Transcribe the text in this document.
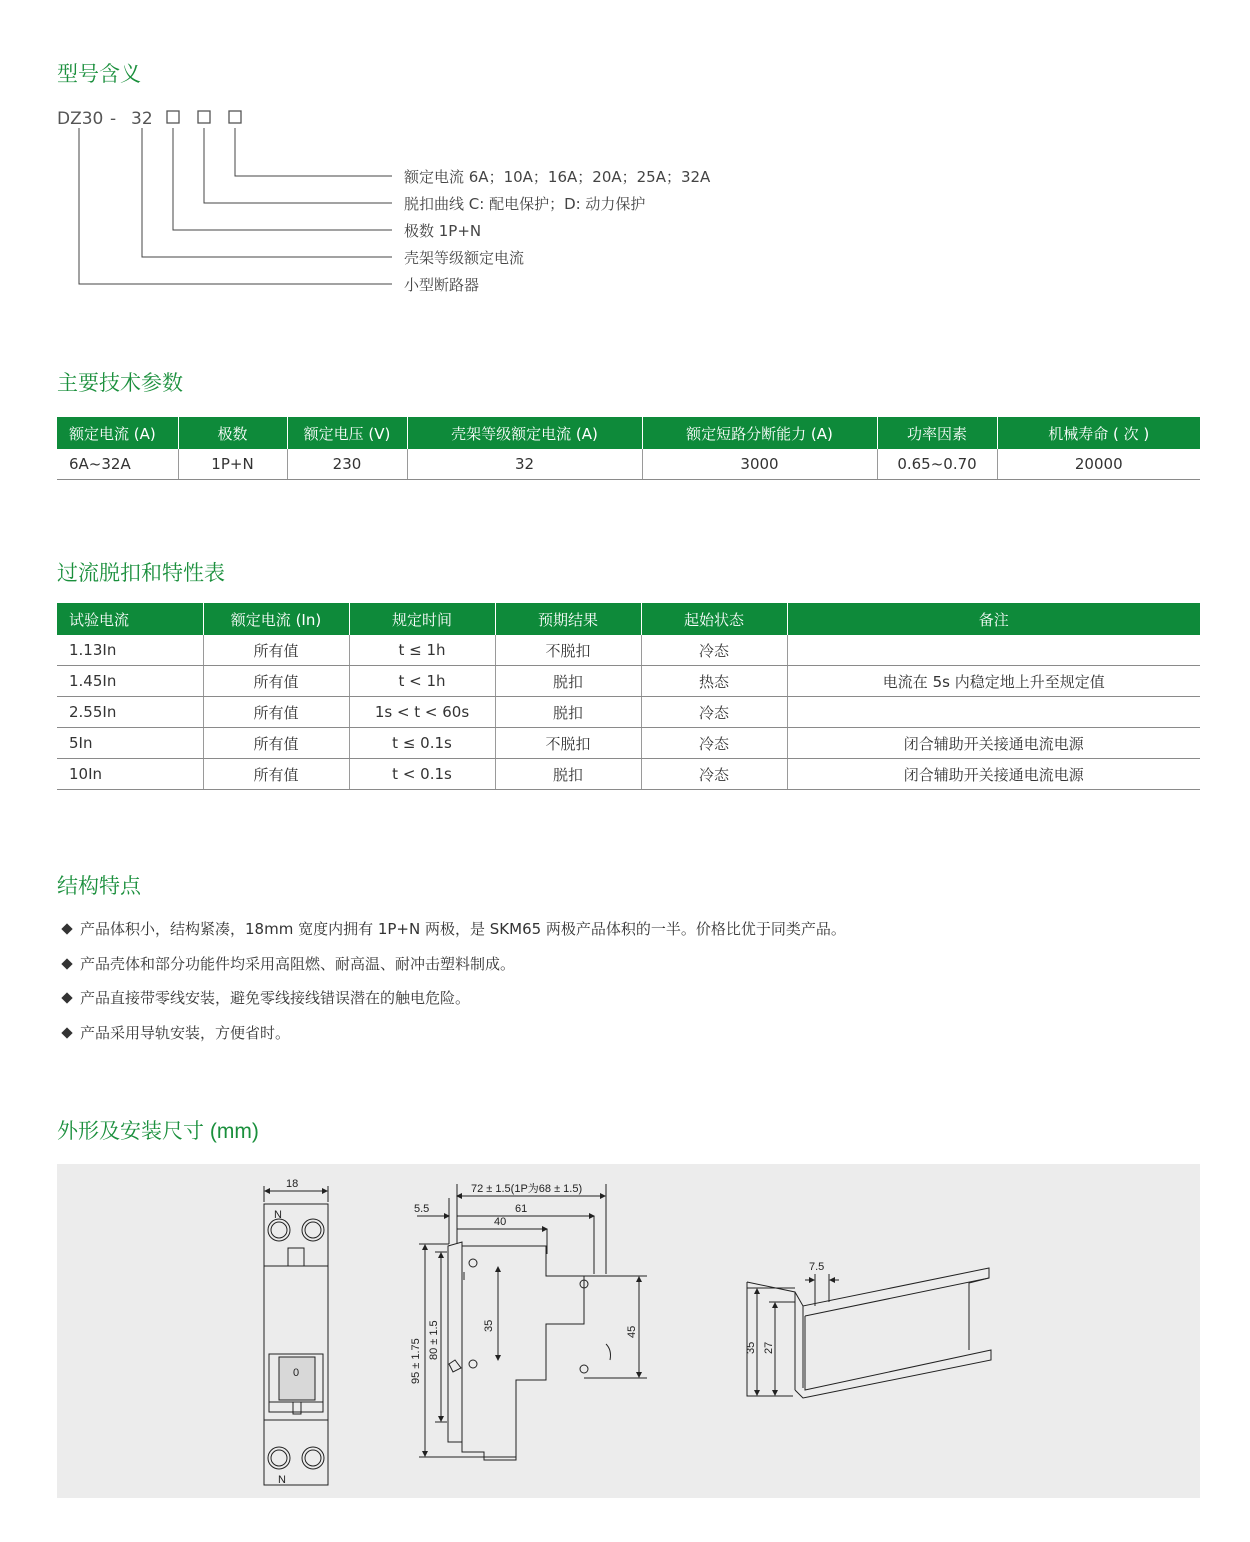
型号含义
DZ30 - 32
额定电流 6A；10A；16A；20A；25A；32A
脱扣曲线 C: 配电保护；D: 动力保护
极数 1P+N
壳架等级额定电流
小型断路器
主要技术参数
额定电流 (A)	极数	额定电压 (V)	壳架等级额定电流 (A)	额定短路分断能力 (A)	功率因素	机械寿命 ( 次 )
6A~32A	1P+N	230	32	3000	0.65~0.70	20000
过流脱扣和特性表
试验电流	额定电流 (In)	规定时间	预期结果	起始状态	备注
1.13In	所有值	t ≤ 1h	不脱扣	冷态	
1.45In	所有值	t < 1h	脱扣	热态	电流在 5s 内稳定地上升至规定值
2.55In	所有值	1s < t < 60s	脱扣	冷态	
5In	所有值	t ≤ 0.1s	不脱扣	冷态	闭合辅助开关接通电流电源
10In	所有值	t < 0.1s	脱扣	冷态	闭合辅助开关接通电流电源
结构特点
产品体积小，结构紧凑，18mm 宽度内拥有 1P+N 两极，是 SKM65 两极产品体积的一半。价格比优于同类产品。
产品壳体和部分功能件均采用高阻燃、耐高温、耐冲击塑料制成。
产品直接带零线安装，避免零线接线错误潜在的触电危险。
产品采用导轨安装，方便省时。
外形及安装尺寸 (mm)
18
N
0
N
72 ± 1.5(1P为68 ± 1.5)
61
40
5.5
35	45
95 ± 1.75 80 ± 1.5
7.5
35 27
